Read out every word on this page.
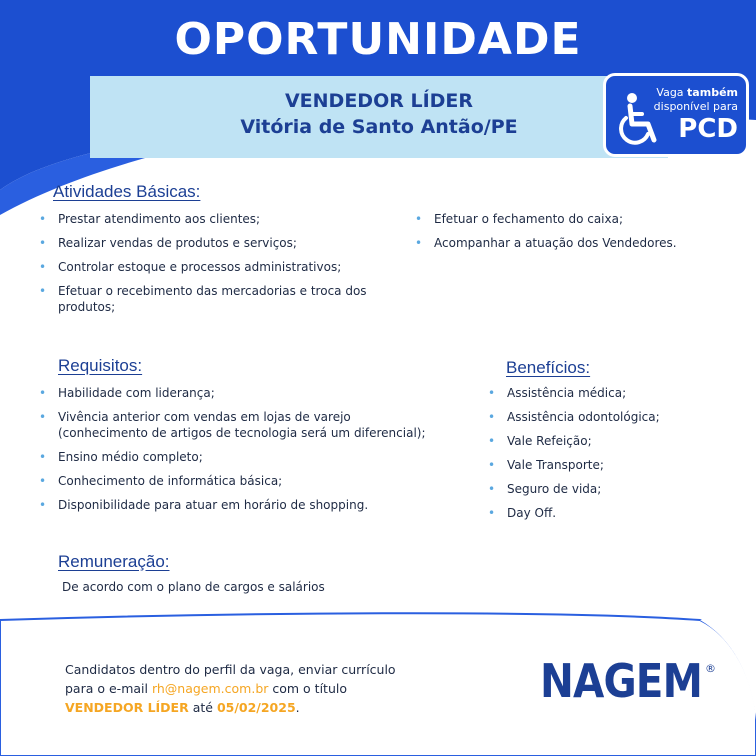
OPORTUNIDADE
VENDEDOR LÍDER
Vitória de Santo Antão/PE
Vaga também
disponível para
PCD
Atividades Básicas:
• Prestar atendimento aos clientes;
• Realizar vendas de produtos e serviços;
• Controlar estoque e processos administrativos;
• Efetuar o recebimento das mercadorias e troca dos produtos;
• Efetuar o fechamento do caixa;
• Acompanhar a atuação dos Vendedores.
Requisitos:
• Habilidade com liderança;
• Vivência anterior com vendas em lojas de varejo (conhecimento de artigos de tecnologia será um diferencial);
• Ensino médio completo;
• Conhecimento de informática básica;
• Disponibilidade para atuar em horário de shopping.
Benefícios:
• Assistência médica;
• Assistência odontológica;
• Vale Refeição;
• Vale Transporte;
• Seguro de vida;
• Day Off.
Remuneração:
De acordo com o plano de cargos e salários
Candidatos dentro do perfil da vaga, enviar currículo
para o e-mail rh@nagem.com.br com o título
VENDEDOR LÍDER até 05/02/2025.	NAGEM ®
